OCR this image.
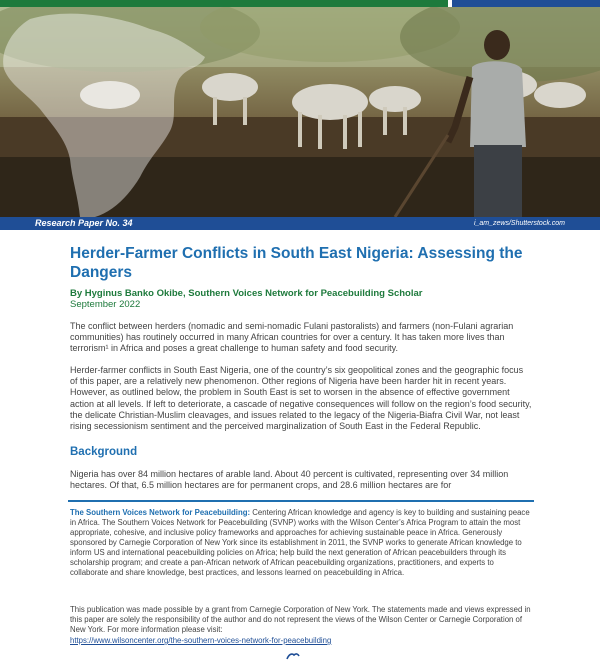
Research Paper No. 34	i_am_zews/Shutterstock.com
Herder-Farmer Conflicts in South East Nigeria: Assessing the Dangers
By Hyginus Banko Okibe, Southern Voices Network for Peacebuilding Scholar
September 2022

The conflict between herders (nomadic and semi-nomadic Fulani pastoralists) and farmers (non-Fulani agrarian communities) has routinely occurred in many African countries for over a century. It has taken more lives than terrorism¹ in Africa and poses a great challenge to human safety and food security.

Herder-farmer conflicts in South East Nigeria, one of the country’s six geopolitical zones and the geographic focus of this paper, are a relatively new phenomenon. Other regions of Nigeria have been harder hit in recent years. However, as outlined below, the problem in South East is set to worsen in the absence of effective government action at all levels. If left to deteriorate, a cascade of negative consequences will follow on the region’s food security, the delicate Christian-Muslim cleavages, and issues related to the legacy of the Nigeria-Biafra Civil War, not least rising secessionism sentiment and the perceived marginalization of South East in the Federal Republic.

Background

Nigeria has over 84 million hectares of arable land. About 40 percent is cultivated, representing over 34 million hectares. Of that, 6.5 million hectares are for permanent crops, and 28.6 million hectares are for

The Southern Voices Network for Peacebuilding: Centering African knowledge and agency is key to building and sustaining peace in Africa. The Southern Voices Network for Peacebuilding (SVNP) works with the Wilson Center’s Africa Program to attain the most appropriate, cohesive, and inclusive policy frameworks and approaches for achieving sustainable peace in Africa. Generously sponsored by Carnegie Corporation of New York since its establishment in 2011, the SVNP works to generate African knowledge to inform US and international peacebuilding policies on Africa; help build the next generation of African peacebuilders through its scholarship program; and create a pan-African network of African peacebuilding organizations, practitioners, and experts to collaborate and share knowledge, best practices, and lessons learned on peacebuilding in Africa.

This publication was made possible by a grant from Carnegie Corporation of New York. The statements made and views expressed in this paper are solely the responsibility of the author and do not represent the views of the Wilson Center or Carnegie Corporation of New York. For more information please visit:

https://www.wilsoncenter.org/the-southern-voices-network-for-peacebuilding
